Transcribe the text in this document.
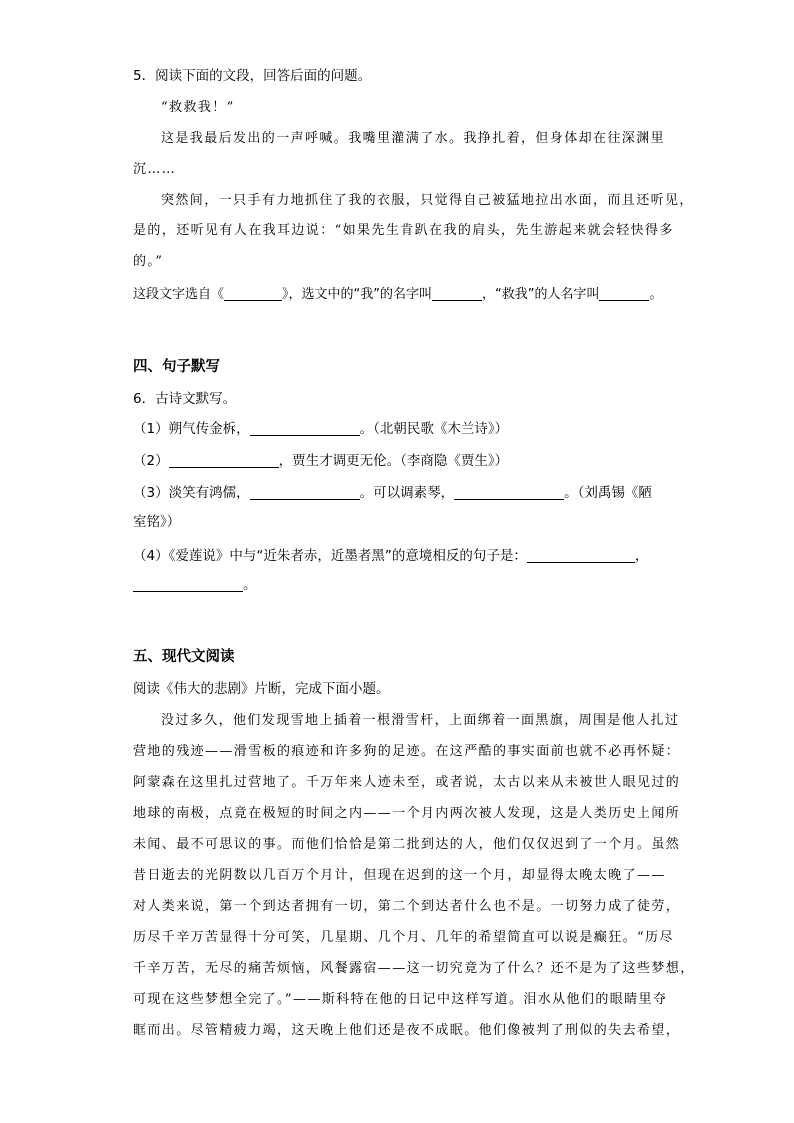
5．阅读下面的文段，回答后面的问题。
“救救我！”
这是我最后发出的一声呼喊。我嘴里灌满了水。我挣扎着，但身体却在往深渊里
沉……
突然间，一只手有力地抓住了我的衣服，只觉得自己被猛地拉出水面，而且还听见，
是的，还听见有人在我耳边说：“如果先生肯趴在我的肩头，先生游起来就会轻快得多
的。”
这段文字选自《	》，选文中的“我”的名字叫	，“救我”的人名字叫	。
四、句子默写
6．古诗文默写。
（1）朔气传金柝，	。（北朝民歌《木兰诗》）
（2）	，贾生才调更无伦。（李商隐《贾生》）
（3）淡笑有鸿儒，	。可以调素琴，	。（刘禹锡《陋
室铭》）
（4）《爱莲说》中与“近朱者赤，近墨者黑”的意境相反的句子是：	，
。
五、现代文阅读
阅读《伟大的悲剧》片断，完成下面小题。
没过多久，他们发现雪地上插着一根滑雪杆，上面绑着一面黑旗，周围是他人扎过
营地的残迹——滑雪板的痕迹和许多狗的足迹。在这严酷的事实面前也就不必再怀疑：
阿蒙森在这里扎过营地了。千万年来人迹未至，或者说，太古以来从未被世人眼见过的
地球的南极，点竟在极短的时间之内——一个月内两次被人发现，这是人类历史上闻所
未闻、最不可思议的事。而他们恰恰是第二批到达的人，他们仅仅迟到了一个月。虽然
昔日逝去的光阴数以几百万个月计，但现在迟到的这一个月，却显得太晚太晚了——
对人类来说，第一个到达者拥有一切，第二个到达者什么也不是。一切努力成了徒劳，
历尽千辛万苦显得十分可笑，几星期、几个月、几年的希望简直可以说是癫狂。“历尽
千辛万苦，无尽的痛苦烦恼，风餐露宿——这一切究竟为了什么？还不是为了这些梦想，
可现在这些梦想全完了。”——斯科特在他的日记中这样写道。泪水从他们的眼睛里夺
眶而出。尽管精疲力竭，这天晚上他们还是夜不成眠。他们像被判了刑似的失去希望，
